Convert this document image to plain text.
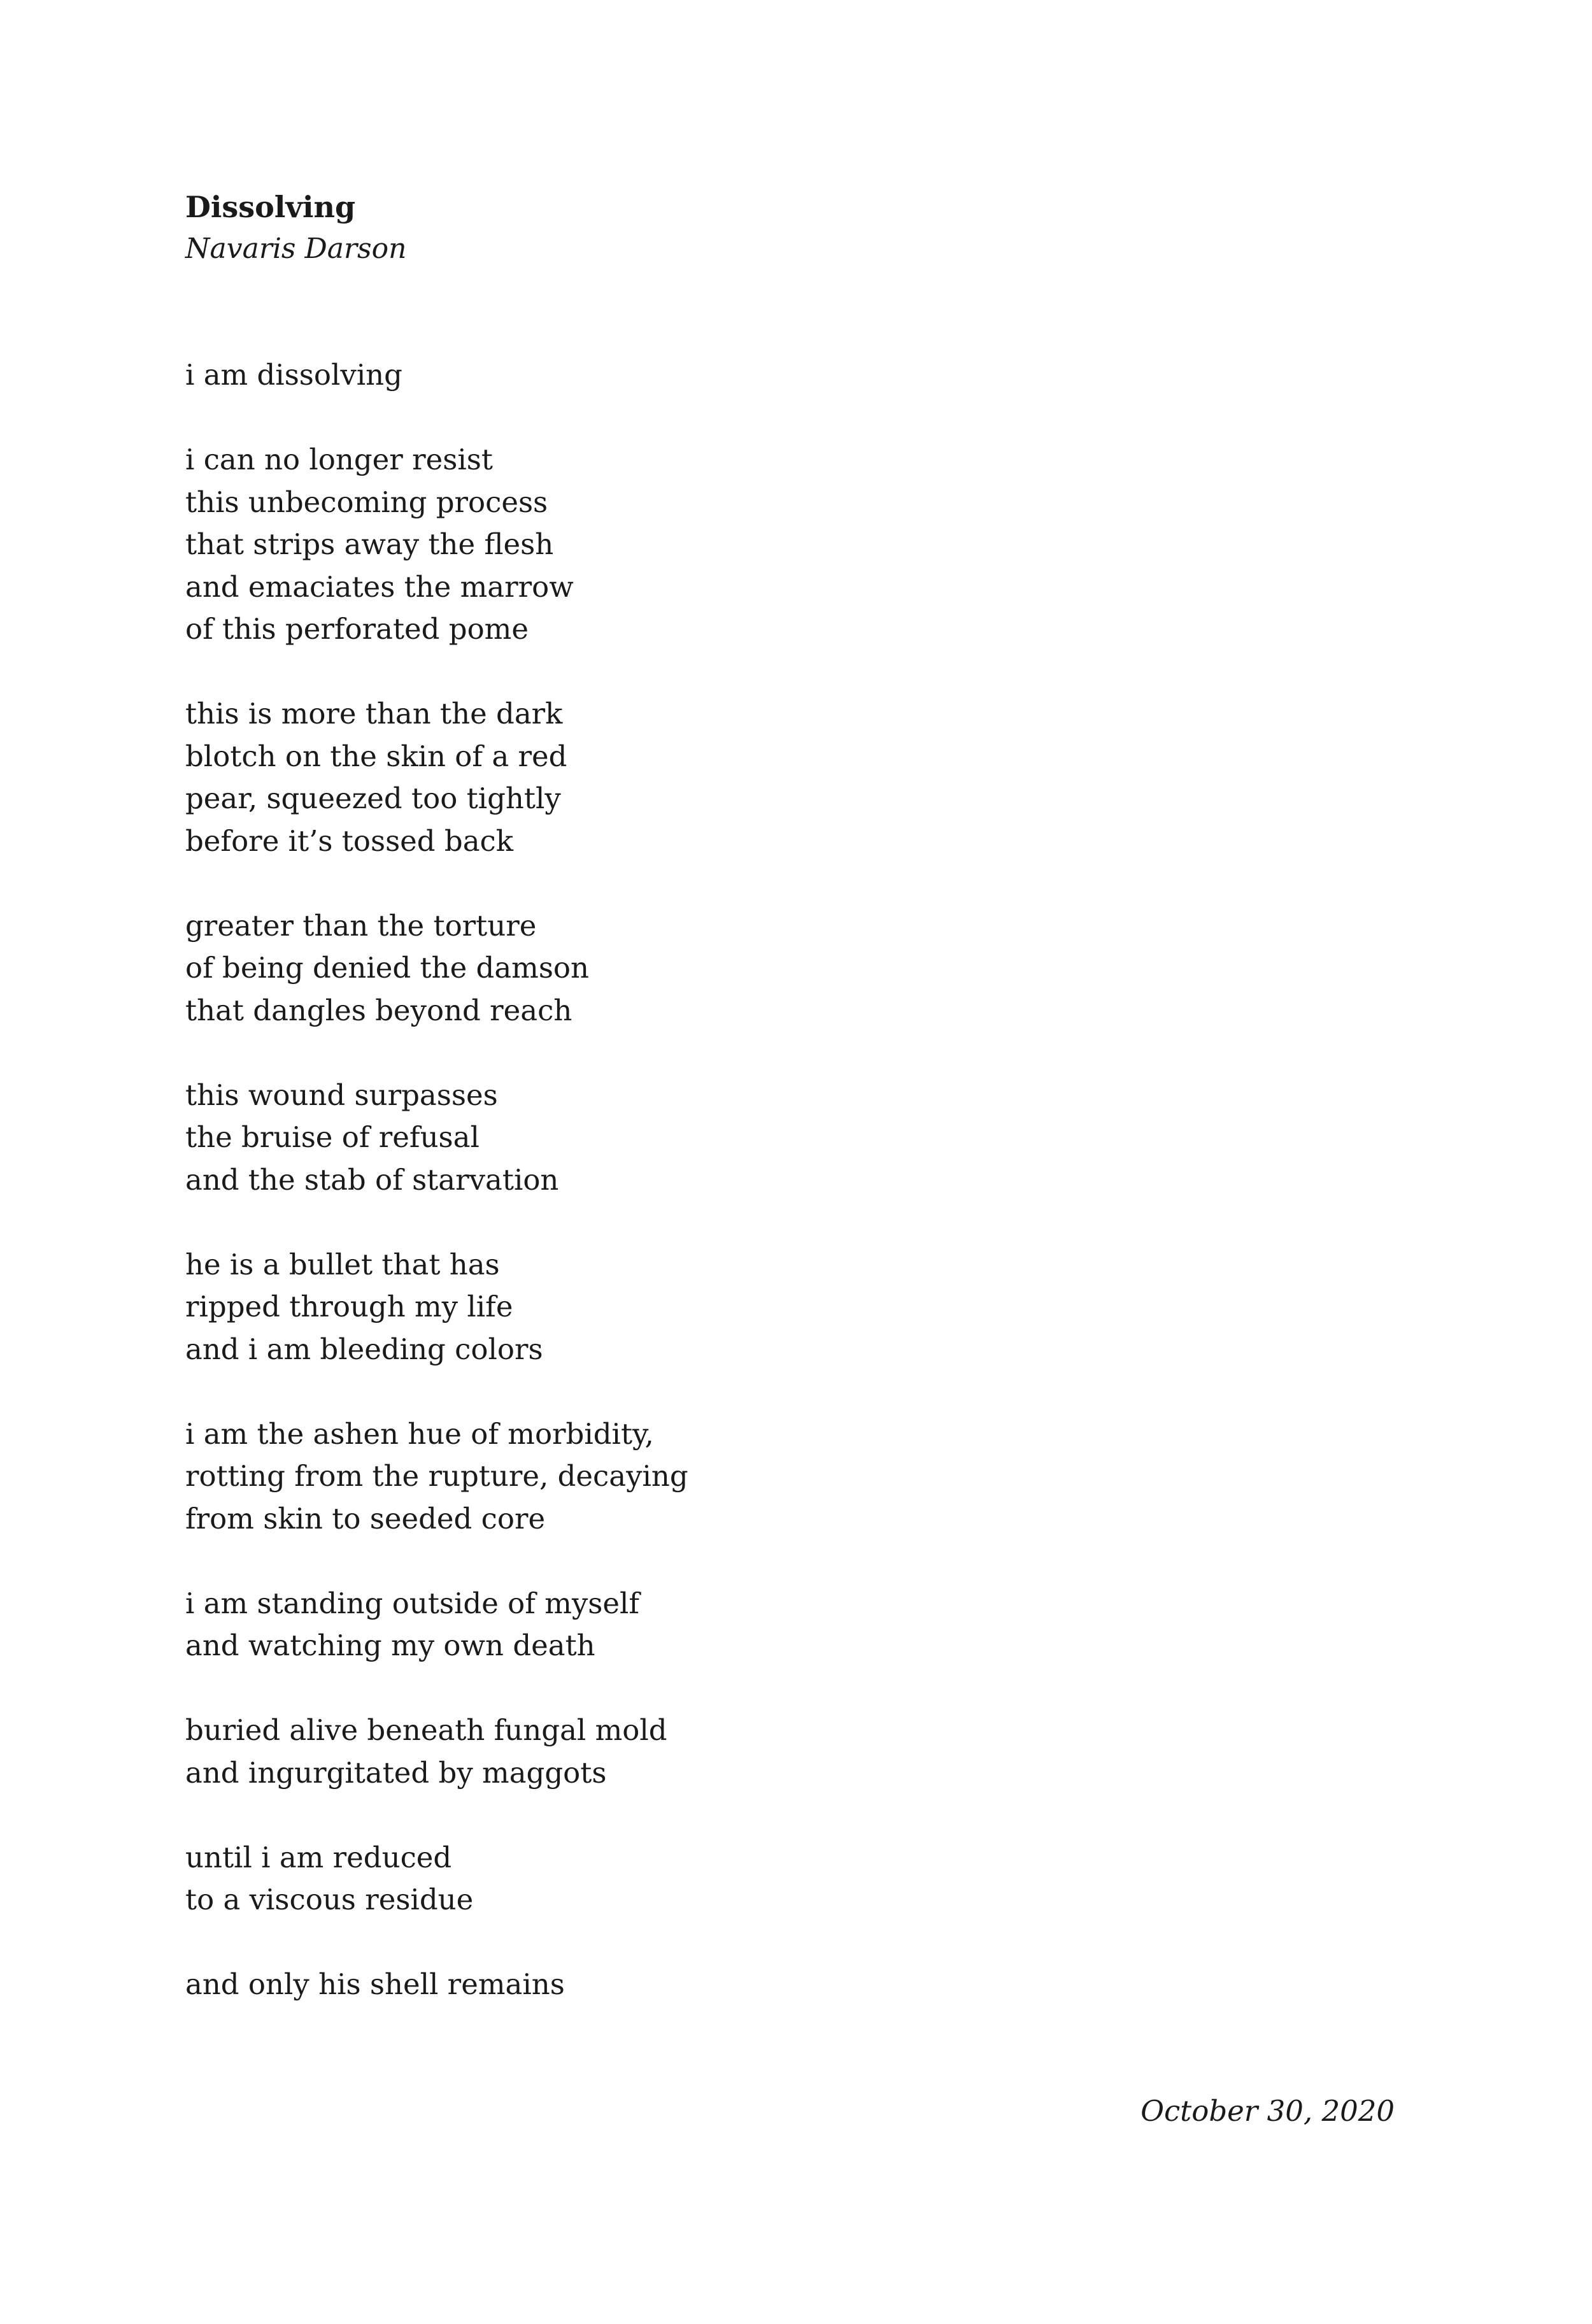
Dissolving
Navaris Darson
i am dissolving
i can no longer resist
this unbecoming process
that strips away the flesh
and emaciates the marrow
of this perforated pome
this is more than the dark
blotch on the skin of a red
pear, squeezed too tightly
before it’s tossed back
greater than the torture
of being denied the damson
that dangles beyond reach
this wound surpasses
the bruise of refusal
and the stab of starvation
he is a bullet that has
ripped through my life
and i am bleeding colors
i am the ashen hue of morbidity,
rotting from the rupture, decaying
from skin to seeded core
i am standing outside of myself
and watching my own death
buried alive beneath fungal mold
and ingurgitated by maggots
until i am reduced
to a viscous residue
and only his shell remains
October 30, 2020
